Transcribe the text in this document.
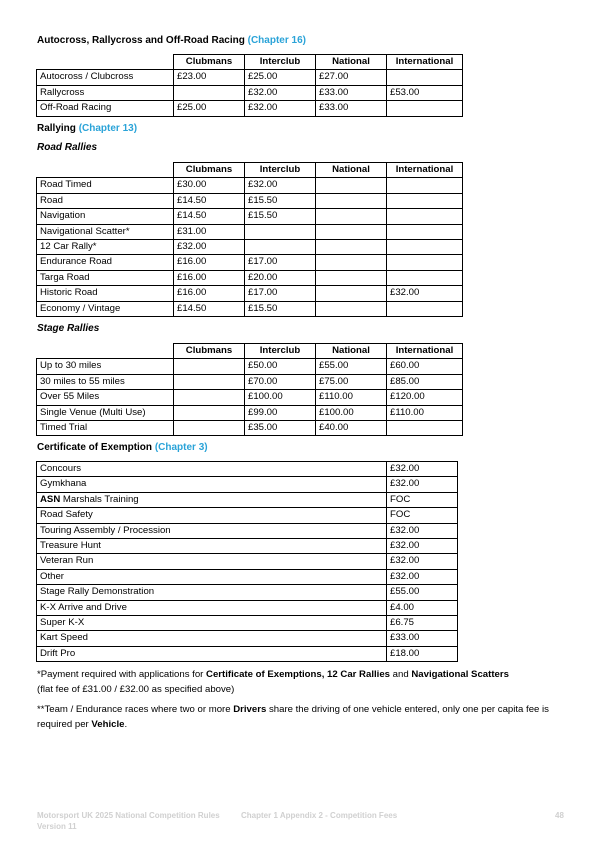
Autocross, Rallycross and Off-Road Racing (Chapter 16)

	Clubmans	Interclub	National	International
Autocross / Clubcross	£23.00	£25.00	£27.00	
Rallycross		£32.00	£33.00	£53.00
Off-Road Racing	£25.00	£32.00	£33.00	

Rallying (Chapter 13)

Road Rallies

	Clubmans	Interclub	National	International
Road Timed	£30.00	£32.00		
Road	£14.50	£15.50		
Navigation	£14.50	£15.50		
Navigational Scatter*	£31.00			
12 Car Rally*	£32.00			
Endurance Road	£16.00	£17.00		
Targa Road	£16.00	£20.00		
Historic Road	£16.00	£17.00		£32.00
Economy / Vintage	£14.50	£15.50		

Stage Rallies

	Clubmans	Interclub	National	International
Up to 30 miles		£50.00	£55.00	£60.00
30 miles to 55 miles		£70.00	£75.00	£85.00
Over 55 Miles		£100.00	£110.00	£120.00
Single Venue (Multi Use)		£99.00	£100.00	£110.00
Timed Trial		£35.00	£40.00	

Certificate of Exemption (Chapter 3)

Concours	£32.00
Gymkhana	£32.00
ASN Marshals Training	FOC
Road Safety	FOC
Touring Assembly / Procession	£32.00
Treasure Hunt	£32.00
Veteran Run	£32.00
Other	£32.00
Stage Rally Demonstration	£55.00
K-X Arrive and Drive	£4.00
Super K-X	£6.75
Kart Speed	£33.00
Drift Pro	£18.00

*Payment required with applications for Certificate of Exemptions, 12 Car Rallies and Navigational Scatters
(flat fee of £31.00 / £32.00 as specified above)

**Team / Endurance races where two or more Drivers share the driving of one vehicle entered, only one per capita fee is required per Vehicle.

Motorsport UK 2025 National Competition Rules
Version 11
Chapter 1 Appendix 2 - Competition Fees	48
